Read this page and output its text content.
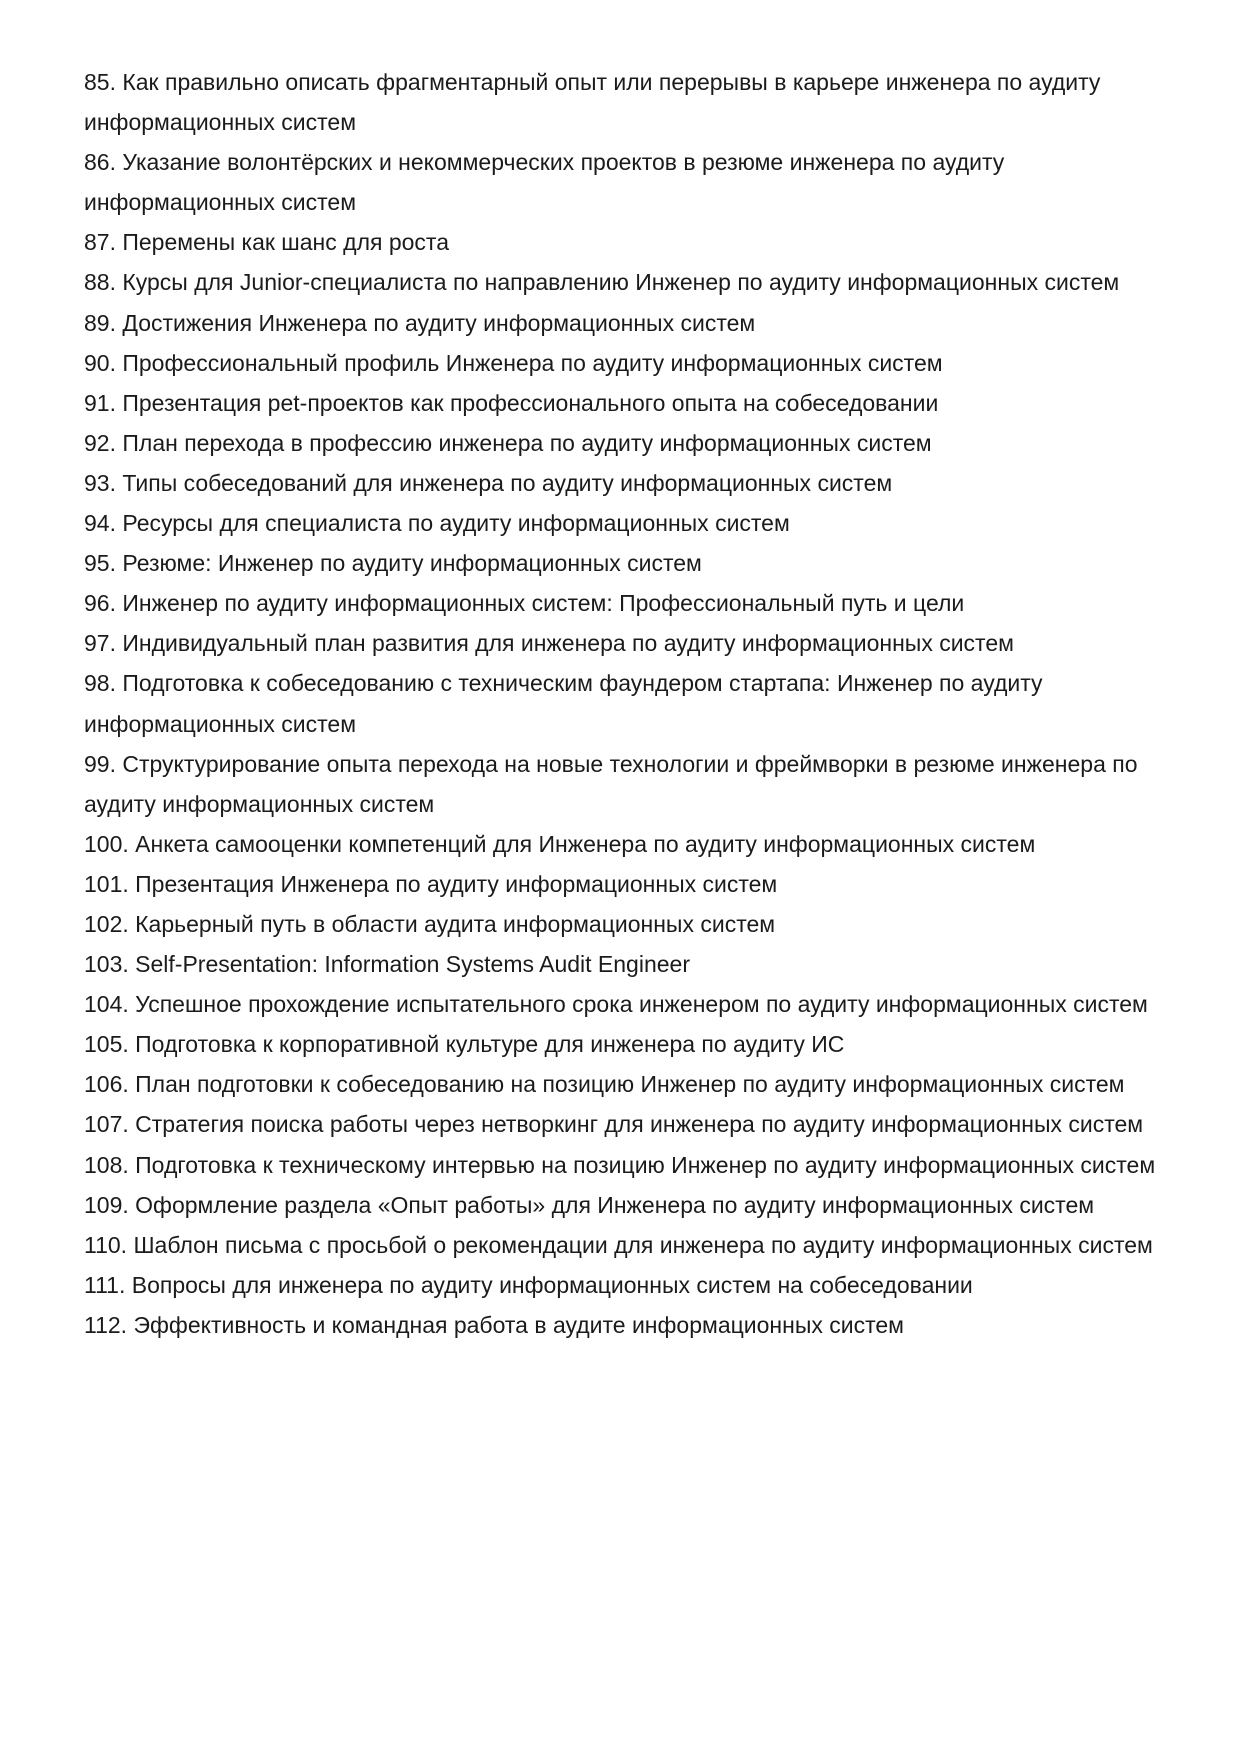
85. Как правильно описать фрагментарный опыт или перерывы в карьере инженера по аудиту информационных систем
86. Указание волонтёрских и некоммерческих проектов в резюме инженера по аудиту информационных систем
87. Перемены как шанс для роста
88. Курсы для Junior-специалиста по направлению Инженер по аудиту информационных систем
89. Достижения Инженера по аудиту информационных систем
90. Профессиональный профиль Инженера по аудиту информационных систем
91. Презентация pet-проектов как профессионального опыта на собеседовании
92. План перехода в профессию инженера по аудиту информационных систем
93. Типы собеседований для инженера по аудиту информационных систем
94. Ресурсы для специалиста по аудиту информационных систем
95. Резюме: Инженер по аудиту информационных систем
96. Инженер по аудиту информационных систем: Профессиональный путь и цели
97. Индивидуальный план развития для инженера по аудиту информационных систем
98. Подготовка к собеседованию с техническим фаундером стартапа: Инженер по аудиту информационных систем
99. Структурирование опыта перехода на новые технологии и фреймворки в резюме инженера по аудиту информационных систем
100. Анкета самооценки компетенций для Инженера по аудиту информационных систем
101. Презентация Инженера по аудиту информационных систем
102. Карьерный путь в области аудита информационных систем
103. Self-Presentation: Information Systems Audit Engineer
104. Успешное прохождение испытательного срока инженером по аудиту информационных систем
105. Подготовка к корпоративной культуре для инженера по аудиту ИС
106. План подготовки к собеседованию на позицию Инженер по аудиту информационных систем
107. Стратегия поиска работы через нетворкинг для инженера по аудиту информационных систем
108. Подготовка к техническому интервью на позицию Инженер по аудиту информационных систем
109. Оформление раздела «Опыт работы» для Инженера по аудиту информационных систем
110. Шаблон письма с просьбой о рекомендации для инженера по аудиту информационных систем
111. Вопросы для инженера по аудиту информационных систем на собеседовании
112. Эффективность и командная работа в аудите информационных систем
